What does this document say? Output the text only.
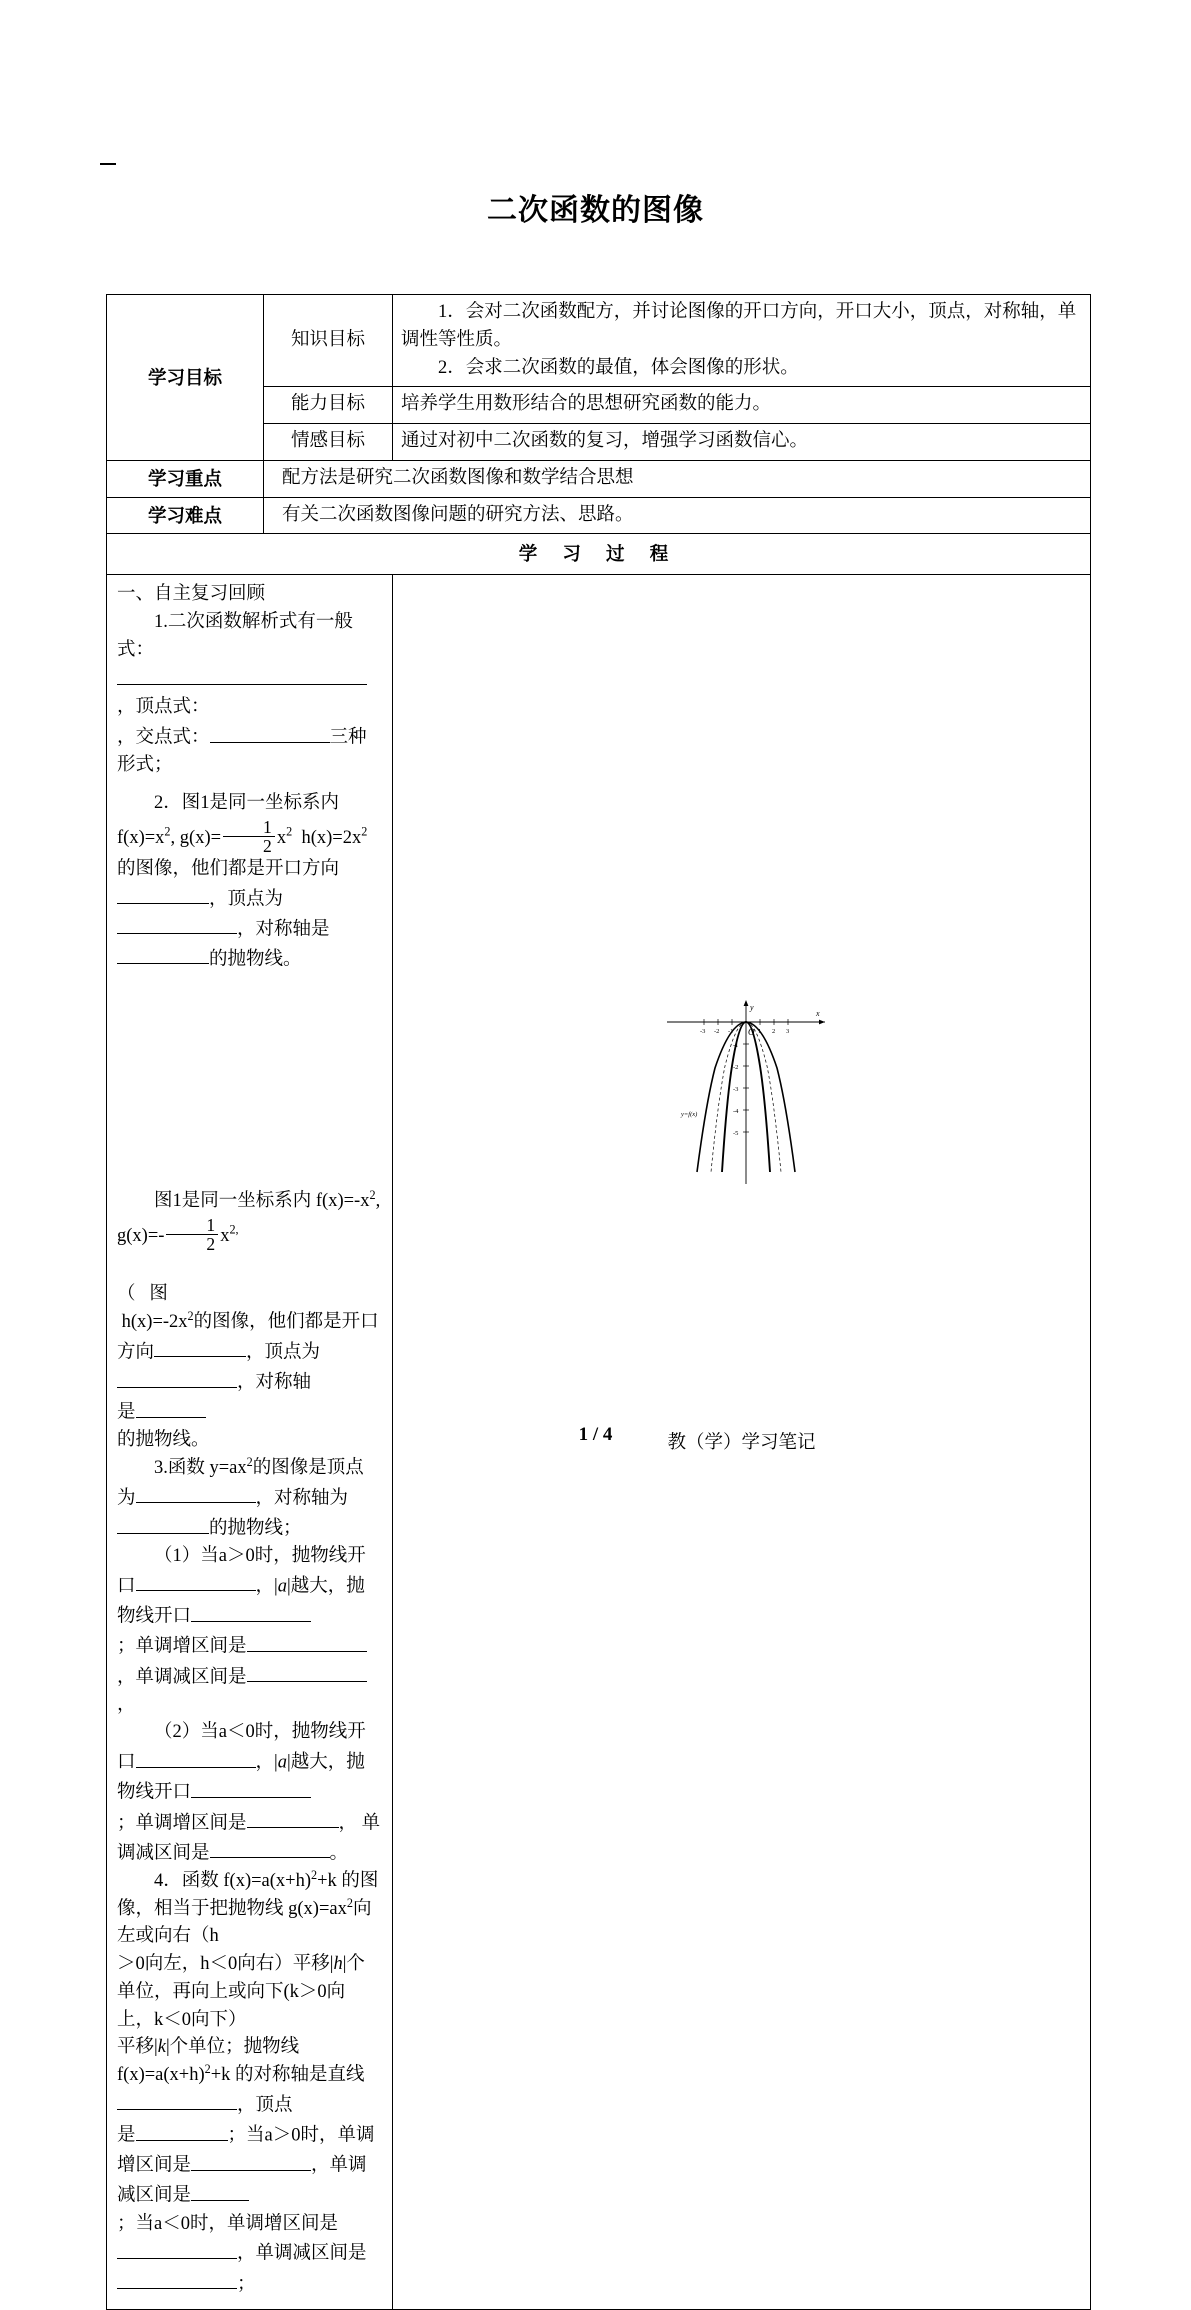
二次函数的图像
学习目标	知识目标	1．会对二次函数配方，并讨论图像的开口方向，开口大小，顶点，对称轴，单调性等性质。
2．会求二次函数的最值，体会图像的形状。

	能力目标	培养学生用数形结合的思想研究函数的能力。
	情感目标	通过对初中二次函数的复习，增强学习函数信心。
学习重点	配方法是研究二次函数图像和数学结合思想	
学习难点	有关二次函数图像问题的研究方法、思路。	
学 习 过 程		

一、自主复习回顾

1.二次函数解析式有一般式：，顶点式：

，交点式：	三种形式；

2．图1是同一坐标系内 $f(x)=x^2$, $g(x)= \frac{1}{2} x^2$ $h(x)=2x^2$的图像，他们都是开口方向

，顶点为，对称轴是的抛物线。

x
y
O
-3 -2 -1	1 2 3
-1
-2
-3
-4
-5
y=f(x)

图1是同一坐标系内 $f(x)=-x^2$, $g(x)=- \frac{1}{2} x^{2,}$（ 图

$h(x)=-2x^2$的图像，他们都是开口方向	，顶点为，对称轴

是

的抛物线。

3.函数 $y=ax^2$的图像是顶点为	，对称轴为的抛物线；

（1）当a＞0时，抛物线开口	，|a|越大，抛物线开口

；单调增区间是，单调减区间是，

（2）当a＜0时，抛物线开口	，|a|越大，抛物线开口

；单调增区间是	， 单调减区间是	。

4．函数 $f(x)=a(x+h)^2+k$ 的图像，相当于把抛物线 $g(x)=ax^2$向左或向右（h

＞0向左，h＜0向右）平移|h|个单位，再向上或向下(k＞0向上，k＜0向下）

平移|k|个单位；抛物线 $f(x)=a(x+h)^2+k$ 的对称轴是直线，顶点

是	；当a＞0时，单调增区间是	，单调减区间是

；当a＜0时，单调增区间是，单调减区间是；

	教（学）学习笔记
1 / 4
